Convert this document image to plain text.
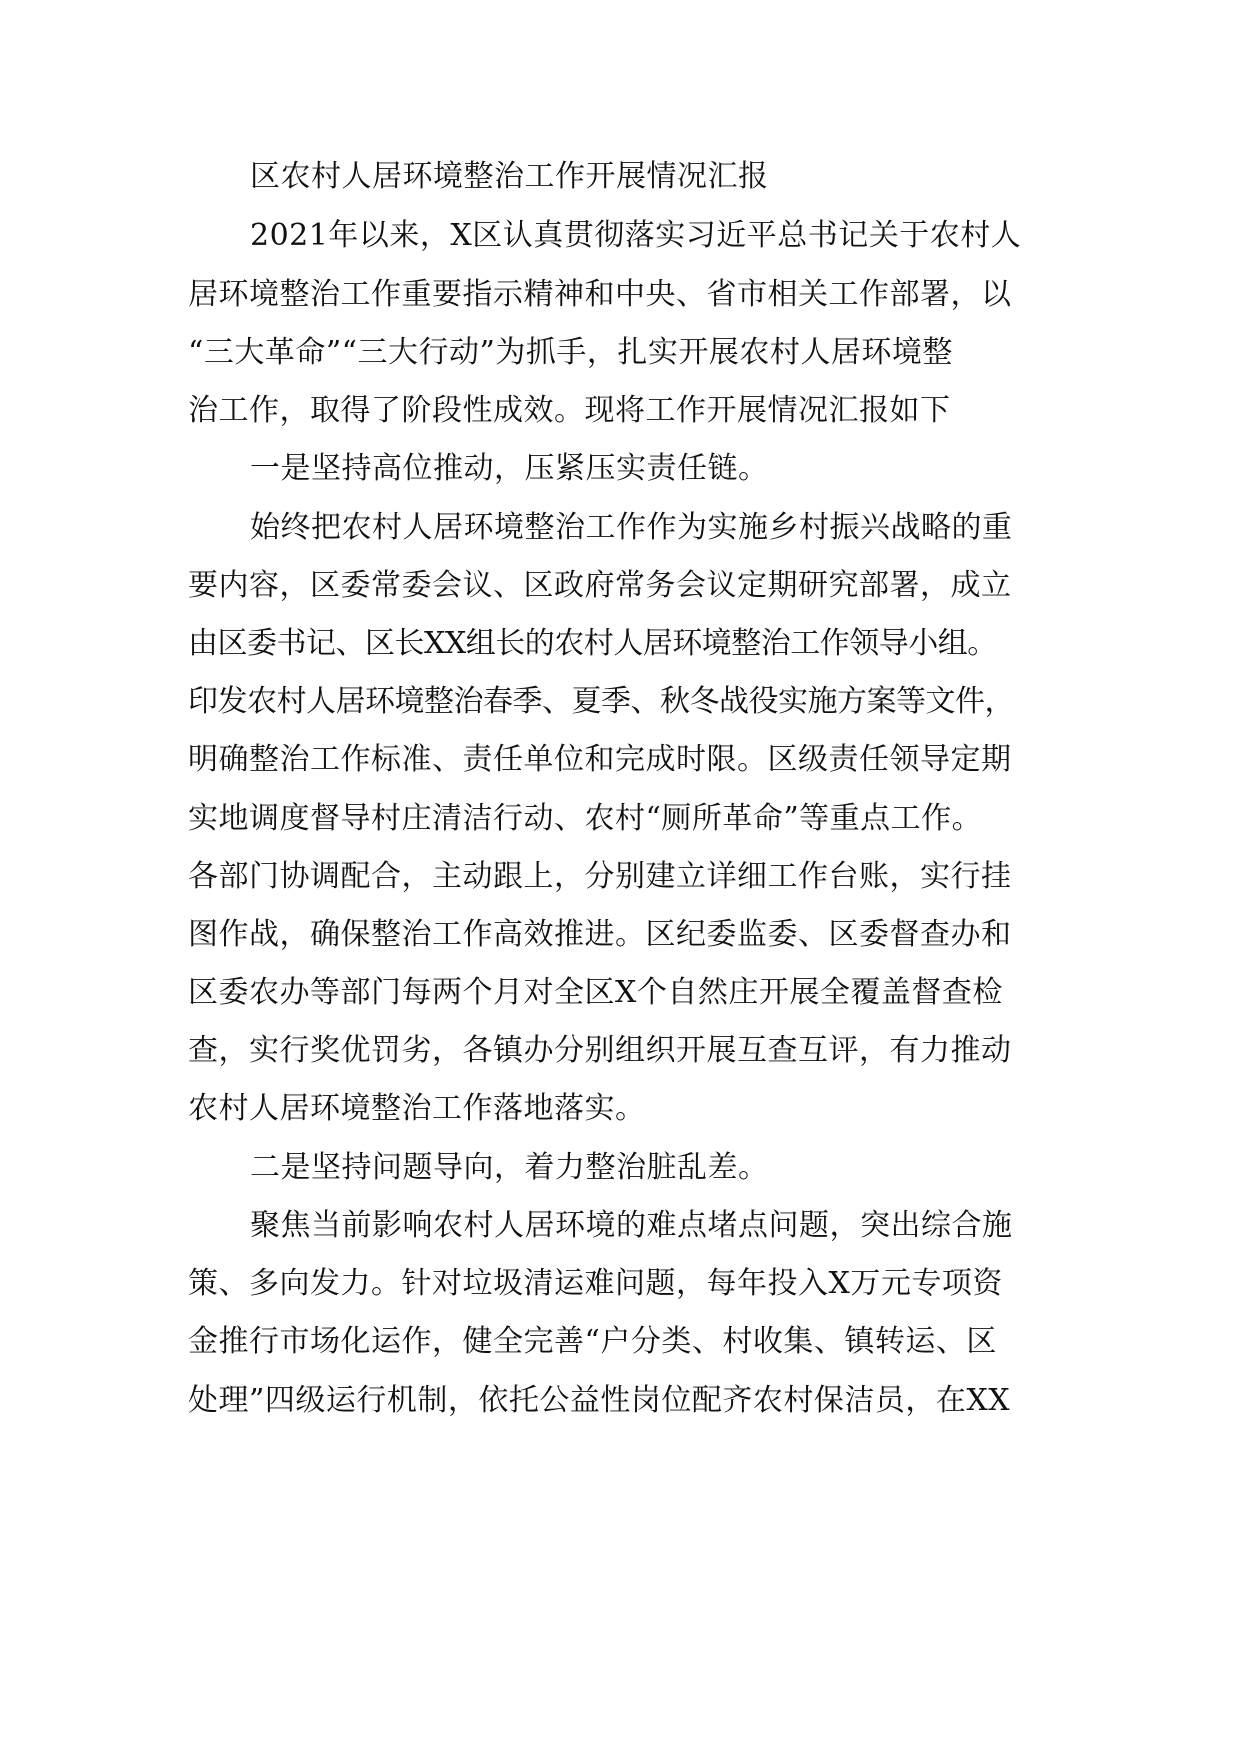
区农村人居环境整治工作开展情况汇报
2021年以来，X区认真贯彻落实习近平总书记关于农村人
居环境整治工作重要指示精神和中央、省市相关工作部署，以
“三大革命”“三大行动”为抓手，扎实开展农村人居环境整
治工作，取得了阶段性成效。现将工作开展情况汇报如下
一是坚持高位推动，压紧压实责任链。
始终把农村人居环境整治工作作为实施乡村振兴战略的重
要内容，区委常委会议、区政府常务会议定期研究部署，成立
由区委书记、区长XX组长的农村人居环境整治工作领导小组。
印发农村人居环境整治春季、夏季、秋冬战役实施方案等文件，
明确整治工作标准、责任单位和完成时限。区级责任领导定期
实地调度督导村庄清洁行动、农村“厕所革命”等重点工作。
各部门协调配合，主动跟上，分别建立详细工作台账，实行挂
图作战，确保整治工作高效推进。区纪委监委、区委督查办和
区委农办等部门每两个月对全区X个自然庄开展全覆盖督查检
查，实行奖优罚劣，各镇办分别组织开展互查互评，有力推动
农村人居环境整治工作落地落实。
二是坚持问题导向，着力整治脏乱差。
聚焦当前影响农村人居环境的难点堵点问题，突出综合施
策、多向发力。针对垃圾清运难问题，每年投入X万元专项资
金推行市场化运作，健全完善“户分类、村收集、镇转运、区
处理”四级运行机制，依托公益性岗位配齐农村保洁员，在XX
